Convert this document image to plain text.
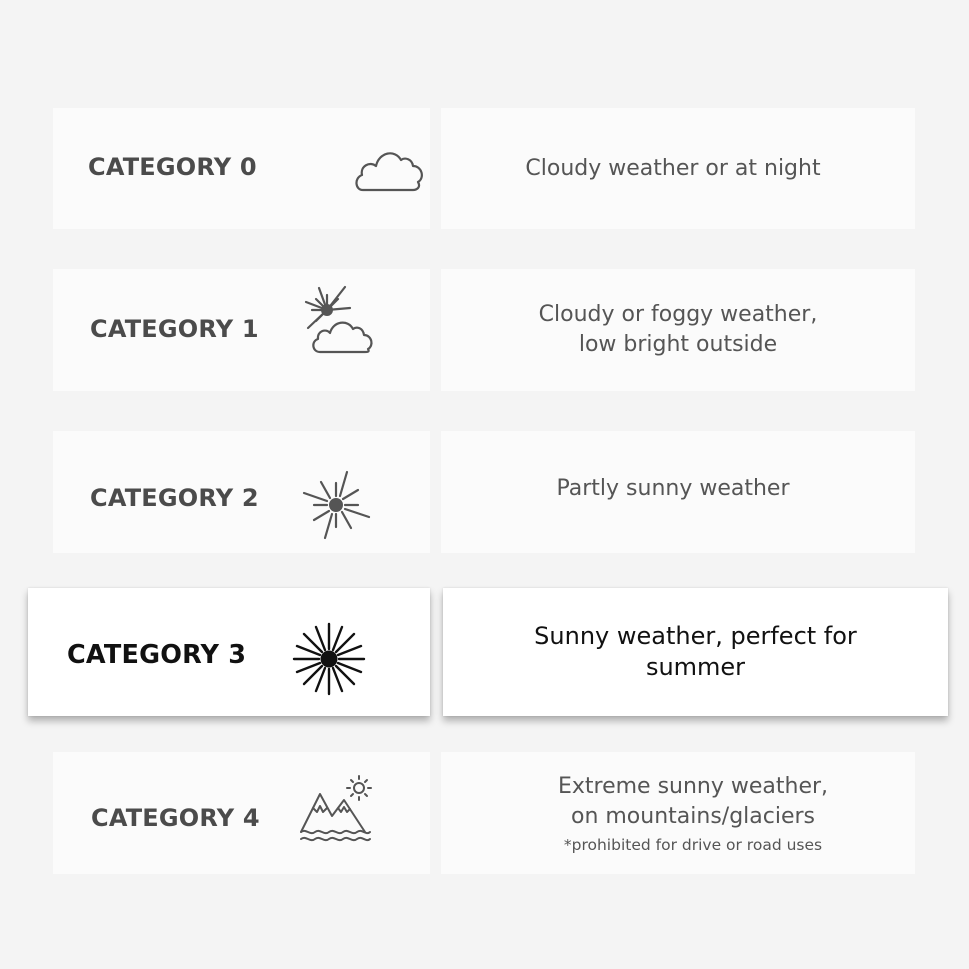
CATEGORY 0	Cloudy weather or at night
CATEGORY 1
Cloudy or foggy weather,
low bright outside
CATEGORY 2	Partly sunny weather
CATEGORY 3
Sunny weather, perfect for
summer
CATEGORY 4
Extreme sunny weather,
on mountains/glaciers
*prohibited for drive or road uses
